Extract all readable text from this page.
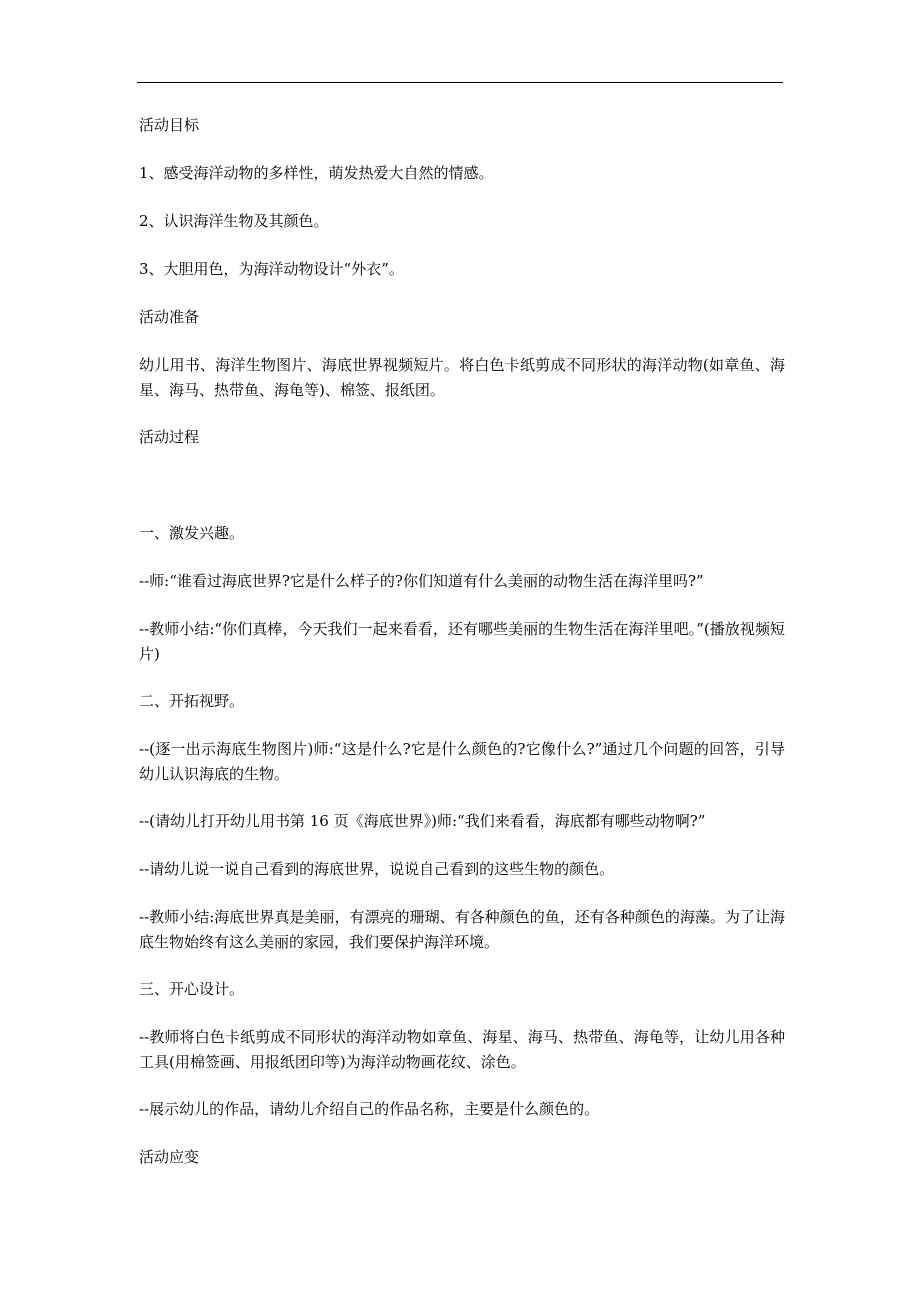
活动目标
1、感受海洋动物的多样性，萌发热爱大自然的情感。
2、认识海洋生物及其颜色。
3、大胆用色，为海洋动物设计“外衣”。
活动准备
幼儿用书、海洋生物图片、海底世界视频短片。将白色卡纸剪成不同形状的海洋动物(如章鱼、海星、海马、热带鱼、海龟等)、棉签、报纸团。
活动过程
一、激发兴趣。
--师:“谁看过海底世界?它是什么样子的?你们知道有什么美丽的动物生活在海洋里吗?”
--教师小结:“你们真棒，今天我们一起来看看，还有哪些美丽的生物生活在海洋里吧。”(播放视频短片)
二、开拓视野。
--(逐一出示海底生物图片)师:“这是什么?它是什么颜色的?它像什么?”通过几个问题的回答，引导幼儿认识海底的生物。
--(请幼儿打开幼儿用书第 16 页《海底世界》)师:“我们来看看，海底都有哪些动物啊?”
--请幼儿说一说自己看到的海底世界，说说自己看到的这些生物的颜色。
--教师小结:海底世界真是美丽，有漂亮的珊瑚、有各种颜色的鱼，还有各种颜色的海藻。为了让海底生物始终有这么美丽的家园，我们要保护海洋环境。
三、开心设计。
--教师将白色卡纸剪成不同形状的海洋动物如章鱼、海星、海马、热带鱼、海龟等，让幼儿用各种工具(用棉签画、用报纸团印等)为海洋动物画花纹、涂色。
--展示幼儿的作品，请幼儿介绍自己的作品名称，主要是什么颜色的。
活动应变
